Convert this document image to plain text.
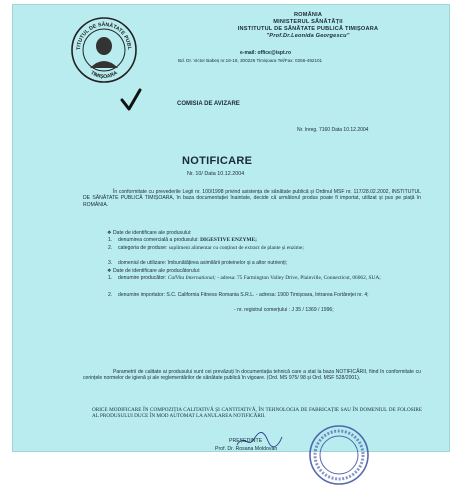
TITUTUL DE SĂNĂTATE PUBL
TIMIȘOARA
ROMÂNIA
MINISTERUL SĂNĂTĂȚII
INSTITUTUL DE SĂNĂTATE PUBLICĂ TIMIȘOARA
"Prof.Dr.Leonida Georgescu"
e-mail: office@ispt.ro
Bd. Dr. Victor Babeș nr.16-18, 300226 Timișoara Tel/Fax: 0256-492101
COMISIA DE AVIZARE
Nr. Inreg. 7160 Data 10.12.2004
NOTIFICARE
Nr. 10/ Data 10.12.2004
În conformitate cu prevederile Legii nr. 100/1998 privind asistența de sănătate publică și Ordinul MSF nr. 117/28.02.2002, INSTITUTUL DE SĂNĂTATE PUBLICĂ TIMIȘOARA, în baza documentației înaintate, decide că următorul produs poate fi importat, utilizat și pus pe piață în ROMÂNIA.
❖ Date de identificare ale produsului:
1. denumirea comercială a produsului: DIGESTIVE ENZYME;
2. categoria de produse: supliment alimentar cu conținut de extract de plante și enzime;
3. domeniul de utilizare: îmbunătățirea asimilării proteinelor și a altor nutrienți;
❖ Date de identificare ale producătorului:
1. denumire producător: CalVita International; - adresa: 75 Farmington Valley Drive, Plainville, Connecticut, 06062, SUA;
2. denumire importator: S.C. California Fitness Romania S.R.L. - adresa: 1900 Timișoara, Intrarea Fortăreței nr. 4;
- nr. registrul comerțului : J 35 / 1369 / 1996;
Parametrii de calitate ai produsului sunt cei prevăzuți în documentația tehnică care a stat la baza NOTIFICĂRII, fiind în conformitate cu cerințele normelor de igienă și ale reglementărilor de sănătate publică în vigoare. (Ord. MS 975/ 98 și Ord. MSF 528/2001).
ORICE MODIFICARE ÎN COMPOZIȚIA CALITATIVĂ ȘI CANTITATIVĂ, ÎN TEHNOLOGIA DE FABRICAȚIE SAU ÎN DOMENIUL DE FOLOSIRE AL PRODUSULUI DUCE ÎN MOD AUTOMAT LA ANULAREA NOTIFICĂRII.
PREȘEDINTE
Prof. Dr. Rosana Moldovan
